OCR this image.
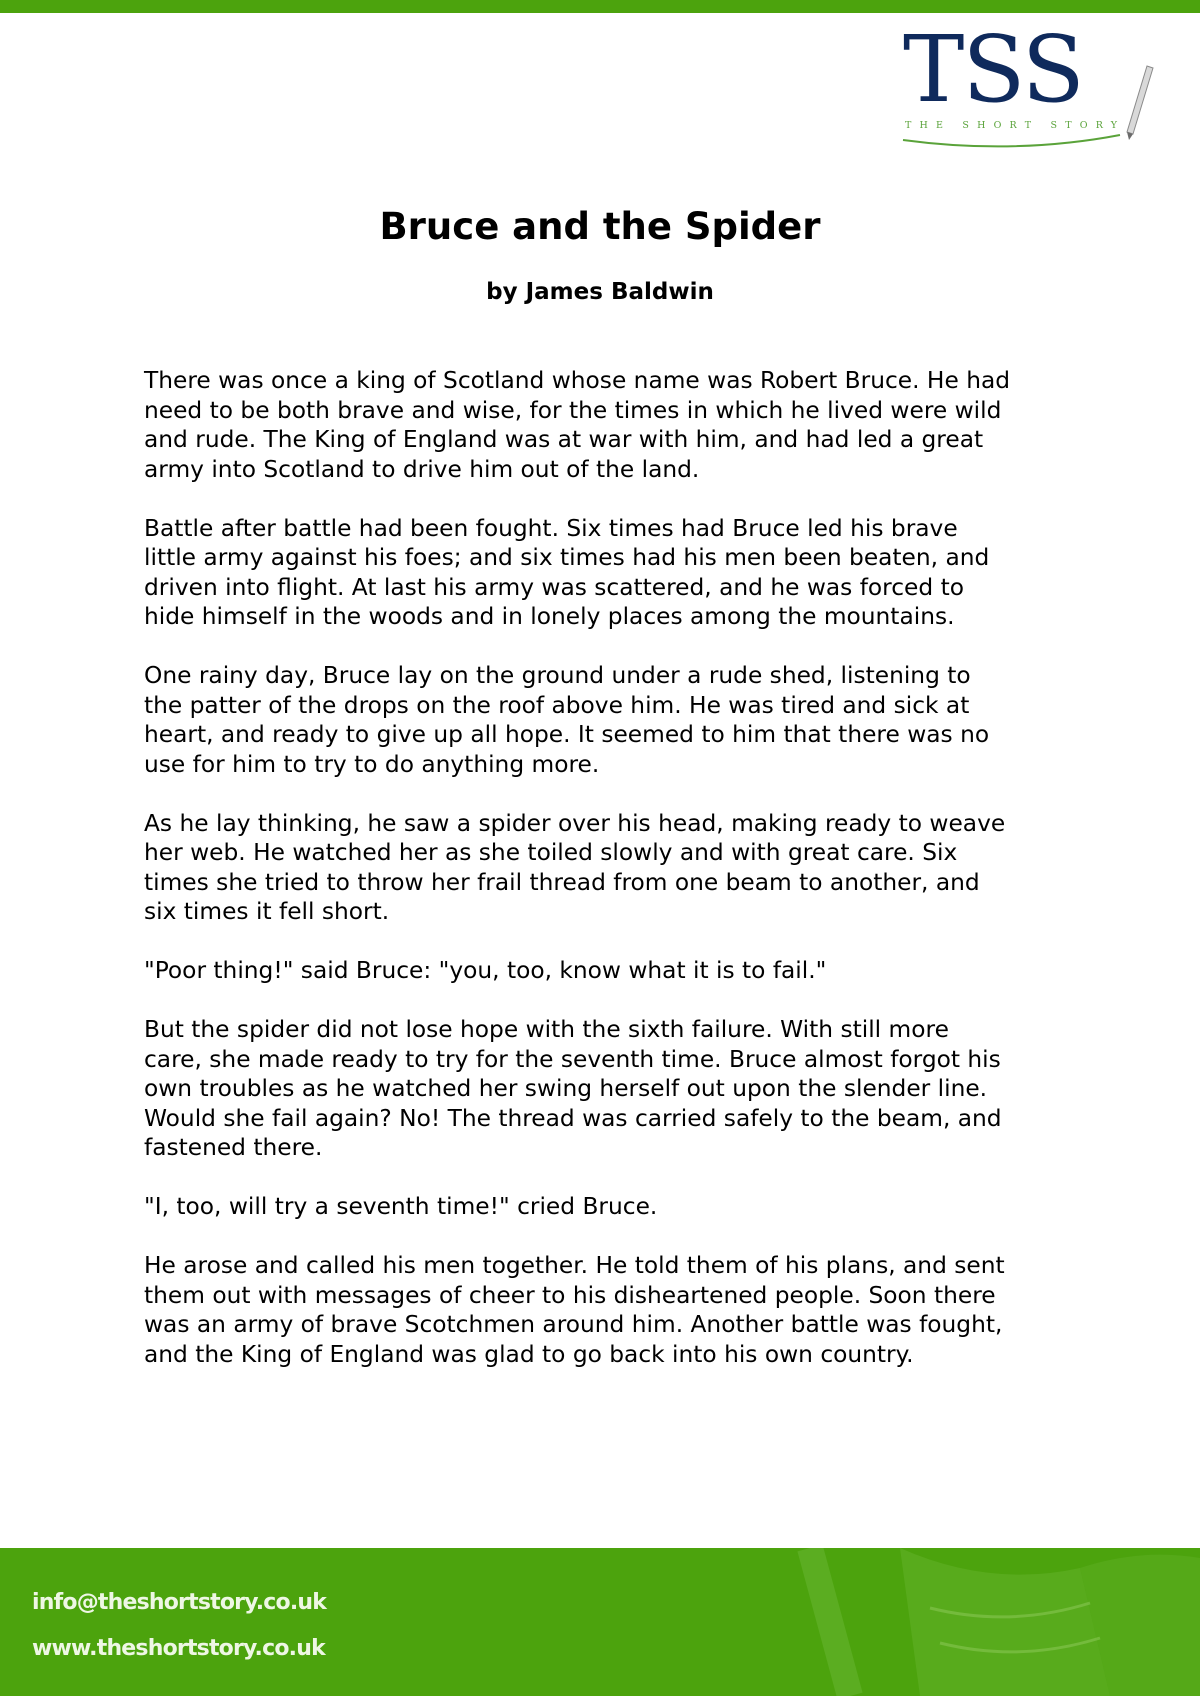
TSS
THE SHORT STORY
Bruce and the Spider
by James Baldwin

There was once a king of Scotland whose name was Robert Bruce. He had
need to be both brave and wise, for the times in which he lived were wild
and rude. The King of England was at war with him, and had led a great
army into Scotland to drive him out of the land.

Battle after battle had been fought. Six times had Bruce led his brave
little army against his foes; and six times had his men been beaten, and
driven into flight. At last his army was scattered, and he was forced to
hide himself in the woods and in lonely places among the mountains.

One rainy day, Bruce lay on the ground under a rude shed, listening to
the patter of the drops on the roof above him. He was tired and sick at
heart, and ready to give up all hope. It seemed to him that there was no
use for him to try to do anything more.

As he lay thinking, he saw a spider over his head, making ready to weave
her web. He watched her as she toiled slowly and with great care. Six
times she tried to throw her frail thread from one beam to another, and
six times it fell short.

"Poor thing!" said Bruce: "you, too, know what it is to fail."

But the spider did not lose hope with the sixth failure. With still more
care, she made ready to try for the seventh time. Bruce almost forgot his
own troubles as he watched her swing herself out upon the slender line.
Would she fail again? No! The thread was carried safely to the beam, and
fastened there.

"I, too, will try a seventh time!" cried Bruce.

He arose and called his men together. He told them of his plans, and sent
them out with messages of cheer to his disheartened people. Soon there
was an army of brave Scotchmen around him. Another battle was fought,
and the King of England was glad to go back into his own country.

info@theshortstory.co.uk
www.theshortstory.co.uk
